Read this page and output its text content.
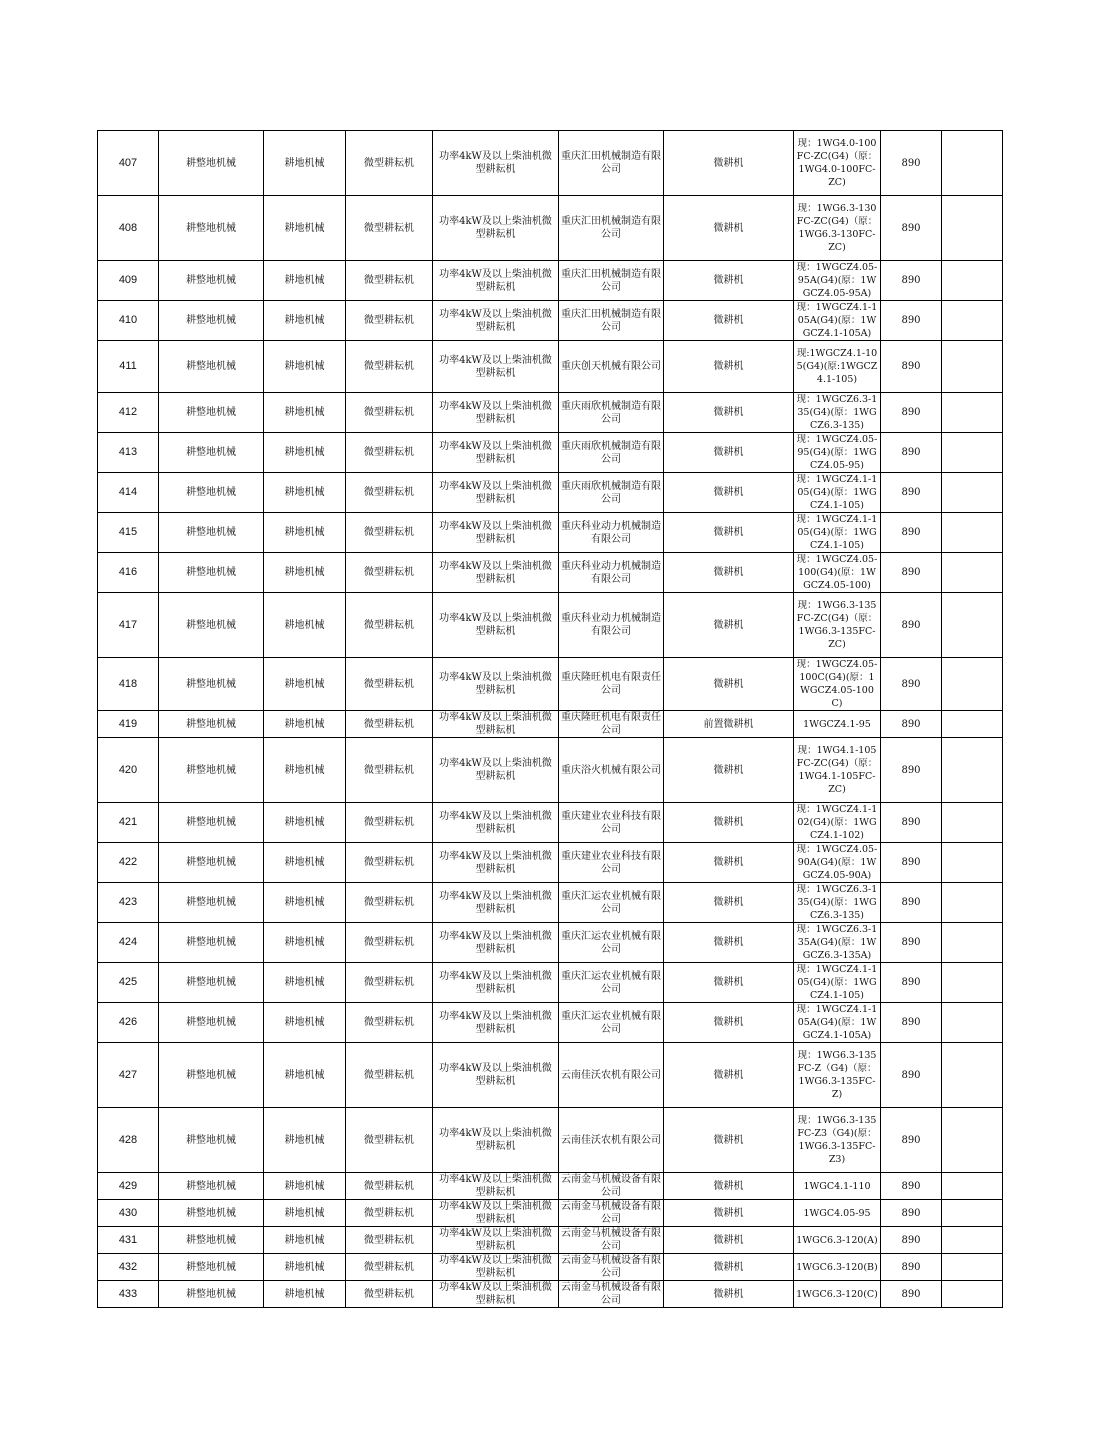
407	耕整地机械	耕地机械	微型耕耘机	功率4kW及以上柴油机微型耕耘机	重庆汇田机械制造有限公司	微耕机	现：1WG4.0-100FC-ZC(G4)（原：1WG4.0-100FC-ZC)	890	
408	耕整地机械	耕地机械	微型耕耘机	功率4kW及以上柴油机微型耕耘机	重庆汇田机械制造有限公司	微耕机	现：1WG6.3-130FC-ZC(G4)（原：1WG6.3-130FC-ZC)	890	
409	耕整地机械	耕地机械	微型耕耘机	功率4kW及以上柴油机微型耕耘机	重庆汇田机械制造有限公司	微耕机	现：1WGCZ4.05-95A(G4)(原：1WGCZ4.05-95A)	890	
410	耕整地机械	耕地机械	微型耕耘机	功率4kW及以上柴油机微型耕耘机	重庆汇田机械制造有限公司	微耕机	现：1WGCZ4.1-105A(G4)(原：1WGCZ4.1-105A)	890	
411	耕整地机械	耕地机械	微型耕耘机	功率4kW及以上柴油机微型耕耘机	重庆创天机械有限公司	微耕机	现:1WGCZ4.1-105(G4)(原:1WGCZ4.1-105)	890	
412	耕整地机械	耕地机械	微型耕耘机	功率4kW及以上柴油机微型耕耘机	重庆雨欣机械制造有限公司	微耕机	现：1WGCZ6.3-135(G4)(原：1WGCZ6.3-135)	890	
413	耕整地机械	耕地机械	微型耕耘机	功率4kW及以上柴油机微型耕耘机	重庆雨欣机械制造有限公司	微耕机	现：1WGCZ4.05-95(G4)(原：1WGCZ4.05-95)	890	
414	耕整地机械	耕地机械	微型耕耘机	功率4kW及以上柴油机微型耕耘机	重庆雨欣机械制造有限公司	微耕机	现：1WGCZ4.1-105(G4)(原：1WGCZ4.1-105)	890	
415	耕整地机械	耕地机械	微型耕耘机	功率4kW及以上柴油机微型耕耘机	重庆科业动力机械制造有限公司	微耕机	现：1WGCZ4.1-105(G4)(原：1WGCZ4.1-105)	890	
416	耕整地机械	耕地机械	微型耕耘机	功率4kW及以上柴油机微型耕耘机	重庆科业动力机械制造有限公司	微耕机	现：1WGCZ4.05-100(G4)(原：1WGCZ4.05-100)	890	
417	耕整地机械	耕地机械	微型耕耘机	功率4kW及以上柴油机微型耕耘机	重庆科业动力机械制造有限公司	微耕机	现：1WG6.3-135FC-ZC(G4)（原：1WG6.3-135FC-ZC)	890	
418	耕整地机械	耕地机械	微型耕耘机	功率4kW及以上柴油机微型耕耘机	重庆隆旺机电有限责任公司	微耕机	现：1WGCZ4.05-100C(G4)(原：1WGCZ4.05-100C)	890	
419	耕整地机械	耕地机械	微型耕耘机	功率4kW及以上柴油机微型耕耘机	重庆隆旺机电有限责任公司	前置微耕机	1WGCZ4.1-95	890	
420	耕整地机械	耕地机械	微型耕耘机	功率4kW及以上柴油机微型耕耘机	重庆浴火机械有限公司	微耕机	现：1WG4.1-105FC-ZC(G4)（原：1WG4.1-105FC-ZC)	890	
421	耕整地机械	耕地机械	微型耕耘机	功率4kW及以上柴油机微型耕耘机	重庆建业农业科技有限公司	微耕机	现：1WGCZ4.1-102(G4)(原：1WGCZ4.1-102)	890	
422	耕整地机械	耕地机械	微型耕耘机	功率4kW及以上柴油机微型耕耘机	重庆建业农业科技有限公司	微耕机	现：1WGCZ4.05-90A(G4)(原：1WGCZ4.05-90A)	890	
423	耕整地机械	耕地机械	微型耕耘机	功率4kW及以上柴油机微型耕耘机	重庆汇运农业机械有限公司	微耕机	现：1WGCZ6.3-135(G4)(原：1WGCZ6.3-135)	890	
424	耕整地机械	耕地机械	微型耕耘机	功率4kW及以上柴油机微型耕耘机	重庆汇运农业机械有限公司	微耕机	现：1WGCZ6.3-135A(G4)(原：1WGCZ6.3-135A)	890	
425	耕整地机械	耕地机械	微型耕耘机	功率4kW及以上柴油机微型耕耘机	重庆汇运农业机械有限公司	微耕机	现：1WGCZ4.1-105(G4)(原：1WGCZ4.1-105)	890	
426	耕整地机械	耕地机械	微型耕耘机	功率4kW及以上柴油机微型耕耘机	重庆汇运农业机械有限公司	微耕机	现：1WGCZ4.1-105A(G4)(原：1WGCZ4.1-105A)	890	
427	耕整地机械	耕地机械	微型耕耘机	功率4kW及以上柴油机微型耕耘机	云南佳沃农机有限公司	微耕机	现：1WG6.3-135FC-Z（G4)（原：1WG6.3-135FC-Z)	890	
428	耕整地机械	耕地机械	微型耕耘机	功率4kW及以上柴油机微型耕耘机	云南佳沃农机有限公司	微耕机	现：1WG6.3-135FC-Z3（G4)(原：1WG6.3-135FC-Z3)	890	
429	耕整地机械	耕地机械	微型耕耘机	功率4kW及以上柴油机微型耕耘机	云南金马机械设备有限公司	微耕机	1WGC4.1-110	890	
430	耕整地机械	耕地机械	微型耕耘机	功率4kW及以上柴油机微型耕耘机	云南金马机械设备有限公司	微耕机	1WGC4.05-95	890	
431	耕整地机械	耕地机械	微型耕耘机	功率4kW及以上柴油机微型耕耘机	云南金马机械设备有限公司	微耕机	1WGC6.3-120(A)	890	
432	耕整地机械	耕地机械	微型耕耘机	功率4kW及以上柴油机微型耕耘机	云南金马机械设备有限公司	微耕机	1WGC6.3-120(B)	890	
433	耕整地机械	耕地机械	微型耕耘机	功率4kW及以上柴油机微型耕耘机	云南金马机械设备有限公司	微耕机	1WGC6.3-120(C)	890	
